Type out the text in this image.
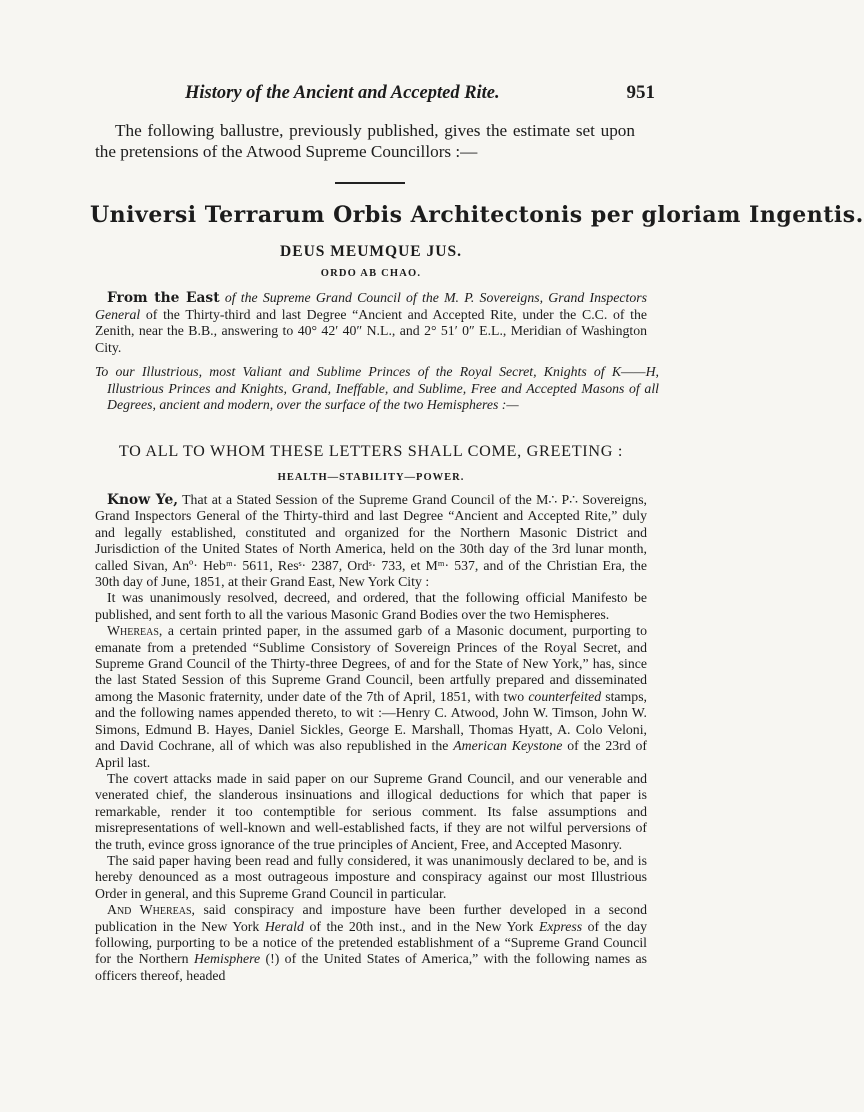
History of the Ancient and Accepted Rite.	951

The following ballustre, previously published, gives the estimate set upon the pretensions of the Atwood Supreme Councillors :—

Universi Terrarum Orbis Architectonis per gloriam Ingentis.

DEUS MEUMQUE JUS.

ORDO AB CHAO.

From the East of the Supreme Grand Council of the M. P. Sovereigns, Grand Inspectors General of the Thirty-third and last Degree “Ancient and Accepted Rite, under the C.C. of the Zenith, near the B.B., answering to 40° 42′ 40″ N.L., and 2° 51′ 0″ E.L., Meridian of Washington City.

To our Illustrious, most Valiant and Sublime Princes of the Royal Secret, Knights of K——H, Illustrious Princes and Knights, Grand, Ineffable, and Sublime, Free and Accepted Masons of all Degrees, ancient and modern, over the surface of the two Hemispheres :—

TO ALL TO WHOM THESE LETTERS SHALL COME, GREETING :

HEALTH—STABILITY—POWER.

Know Ye, That at a Stated Session of the Supreme Grand Council of the M∴ P∴ Sovereigns, Grand Inspectors General of the Thirty-third and last Degree “Ancient and Accepted Rite,” duly and legally established, constituted and organized for the Northern Masonic District and Jurisdiction of the United States of North America, held on the 30th day of the 3rd lunar month, called Sivan, Anº· Hebᵐ· 5611, Resˢ· 2387, Ordˢ· 733, et Mᵐ· 537, and of the Christian Era, the 30th day of June, 1851, at their Grand East, New York City :

It was unanimously resolved, decreed, and ordered, that the following official Manifesto be published, and sent forth to all the various Masonic Grand Bodies over the two Hemispheres.

Whereas, a certain printed paper, in the assumed garb of a Masonic document, purporting to emanate from a pretended “Sublime Consistory of Sovereign Princes of the Royal Secret, and Supreme Grand Council of the Thirty-three Degrees, of and for the State of New York,” has, since the last Stated Session of this Supreme Grand Council, been artfully prepared and disseminated among the Masonic fraternity, under date of the 7th of April, 1851, with two counterfeited stamps, and the following names appended thereto, to wit :—Henry C. Atwood, John W. Timson, John W. Simons, Edmund B. Hayes, Daniel Sickles, George E. Marshall, Thomas Hyatt, A. Colo Veloni, and David Cochrane, all of which was also republished in the American Keystone of the 23rd of April last.

The covert attacks made in said paper on our Supreme Grand Council, and our venerable and venerated chief, the slanderous insinuations and illogical deductions for which that paper is remarkable, render it too contemptible for serious comment. Its false assumptions and misrepresentations of well-known and well-established facts, if they are not wilful perversions of the truth, evince gross ignorance of the true principles of Ancient, Free, and Accepted Masonry.

The said paper having been read and fully considered, it was unanimously declared to be, and is hereby denounced as a most outrageous imposture and conspiracy against our most Illustrious Order in general, and this Supreme Grand Council in particular.

And Whereas, said conspiracy and imposture have been further developed in a second publication in the New York Herald of the 20th inst., and in the New York Express of the day following, purporting to be a notice of the pretended establishment of a “Supreme Grand Council for the Northern Hemisphere (!) of the United States of America,” with the following names as officers thereof, headed
